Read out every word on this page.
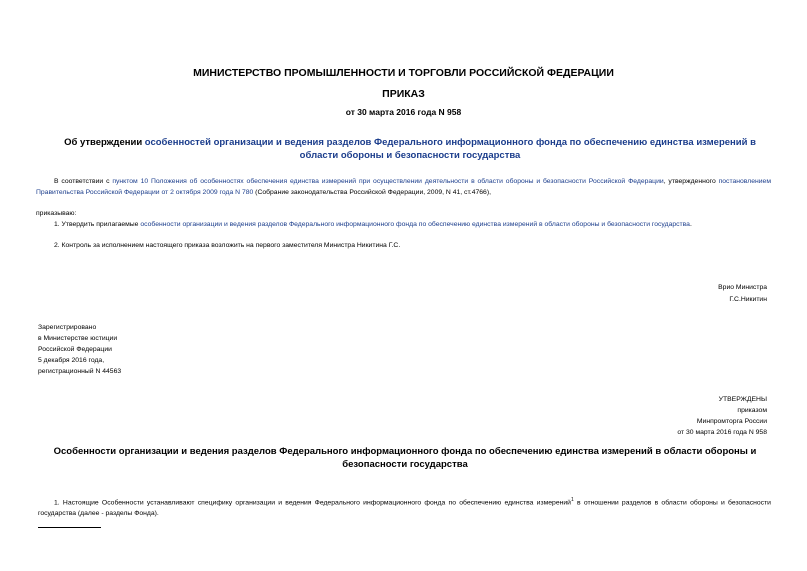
МИНИСТЕРСТВО ПРОМЫШЛЕННОСТИ И ТОРГОВЛИ РОССИЙСКОЙ ФЕДЕРАЦИИ
ПРИКАЗ
от 30 марта 2016 года N 958
Об утверждении особенностей организации и ведения разделов Федерального информационного фонда по обеспечению единства измерений в области обороны и безопасности государства
В соответствии с пунктом 10 Положения об особенностях обеспечения единства измерений при осуществлении деятельности в области обороны и безопасности Российской Федерации, утвержденного постановлением Правительства Российской Федерации от 2 октября 2009 года N 780 (Собрание законодательства Российской Федерации, 2009, N 41, ст.4766),
приказываю:
1. Утвердить прилагаемые особенности организации и ведения разделов Федерального информационного фонда по обеспечению единства измерений в области обороны и безопасности государства.
2. Контроль за исполнением настоящего приказа возложить на первого заместителя Министра Никитина Г.С.
Врио Министра
Г.С.Никитин
Зарегистрировано
в Министерстве юстиции
Российской Федерации
5 декабря 2016 года,
регистрационный N 44563
УТВЕРЖДЕНЫ
приказом
Минпромторга России
от 30 марта 2016 года N 958
Особенности организации и ведения разделов Федерального информационного фонда по обеспечению единства измерений в области обороны и безопасности государства
1. Настоящие Особенности устанавливают специфику организации и ведения Федерального информационного фонда по обеспечению единства измерений$^1$ в отношении разделов в области обороны и безопасности государства (далее - разделы Фонда).
